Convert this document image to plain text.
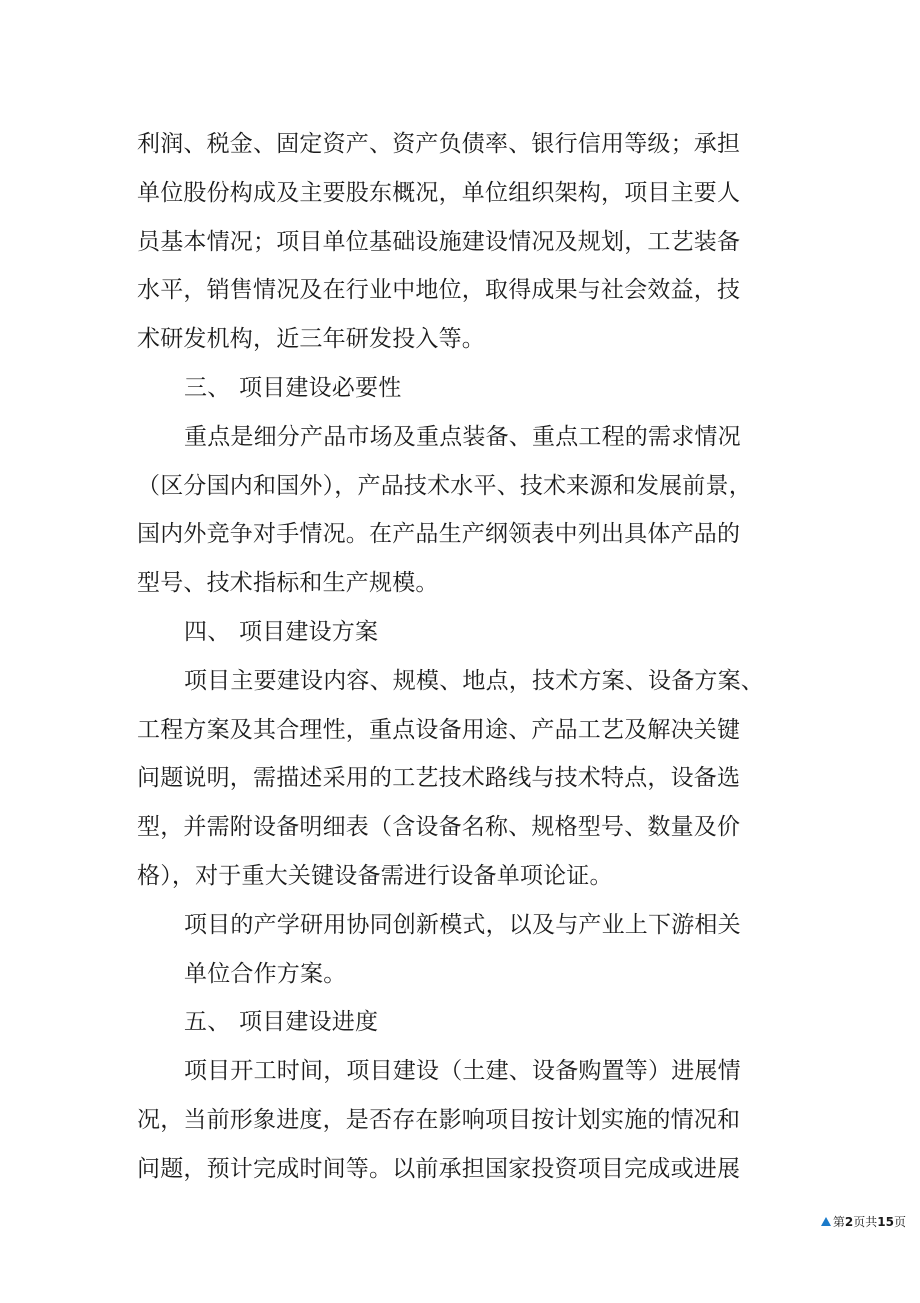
利润、税金、固定资产、资产负债率、银行信用等级；承担
单位股份构成及主要股东概况，单位组织架构，项目主要人
员基本情况；项目单位基础设施建设情况及规划，工艺装备
水平，销售情况及在行业中地位，取得成果与社会效益，技
术研发机构，近三年研发投入等。
三、 项目建设必要性
重点是细分产品市场及重点装备、重点工程的需求情况
（区分国内和国外），产品技术水平、技术来源和发展前景，
国内外竞争对手情况。在产品生产纲领表中列出具体产品的
型号、技术指标和生产规模。
四、 项目建设方案
项目主要建设内容、规模、地点，技术方案、设备方案、
工程方案及其合理性，重点设备用途、产品工艺及解决关键
问题说明，需描述采用的工艺技术路线与技术特点，设备选
型，并需附设备明细表（含设备名称、规格型号、数量及价
格），对于重大关键设备需进行设备单项论证。
项目的产学研用协同创新模式，以及与产业上下游相关
单位合作方案。
五、 项目建设进度
项目开工时间，项目建设（土建、设备购置等）进展情
况，当前形象进度，是否存在影响项目按计划实施的情况和
问题，预计完成时间等。以前承担国家投资项目完成或进展
第 2 页共 15 页
